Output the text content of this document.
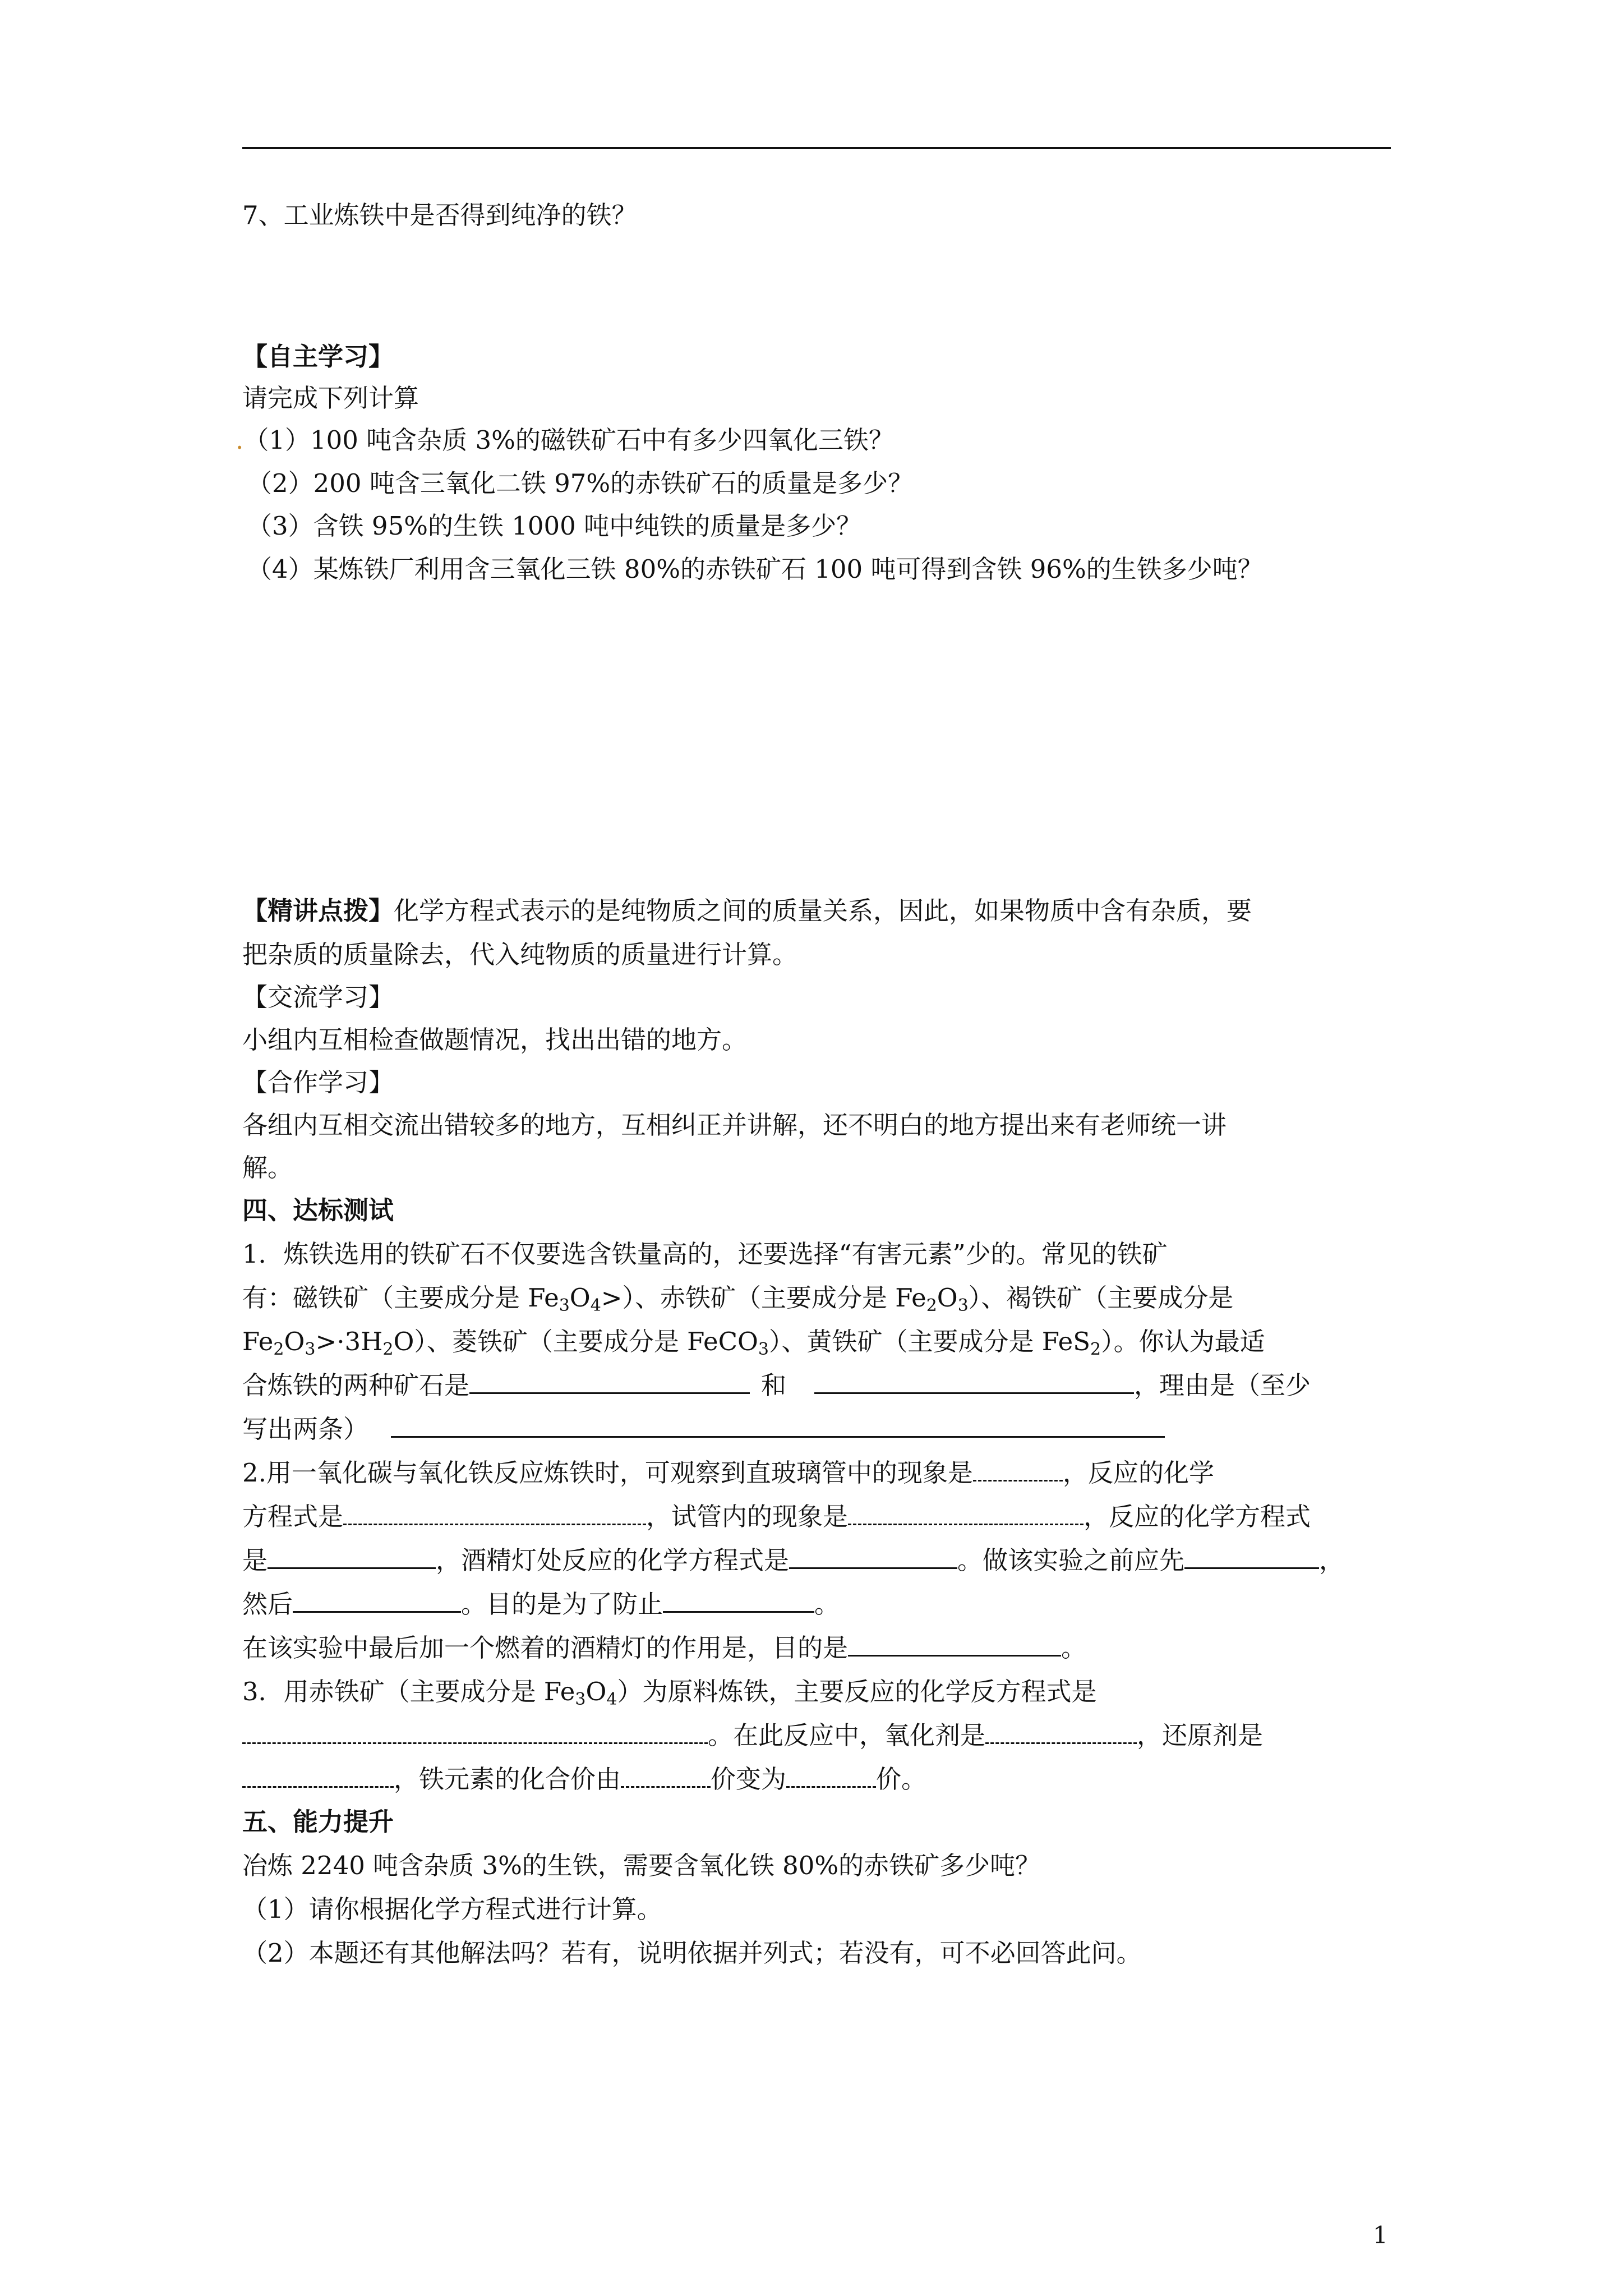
7、工业炼铁中是否得到纯净的铁？
【自主学习】
请完成下列计算
.（1）100 吨含杂质 3%的磁铁矿石中有多少四氧化三铁？
（2）200 吨含三氧化二铁 97%的赤铁矿石的质量是多少？
（3）含铁 95%的生铁 1000 吨中纯铁的质量是多少？
（4）某炼铁厂利用含三氧化三铁 80%的赤铁矿石 100 吨可得到含铁 96%的生铁多少吨？
【精讲点拨】化学方程式表示的是纯物质之间的质量关系，因此，如果物质中含有杂质，要
把杂质的质量除去，代入纯物质的质量进行计算。
【交流学习】
小组内互相检查做题情况，找出出错的地方。
【合作学习】
各组内互相交流出错较多的地方，互相纠正并讲解，还不明白的地方提出来有老师统一讲
解。
四、达标测试
1．炼铁选用的铁矿石不仅要选含铁量高的，还要选择“有害元素”少的。常见的铁矿
有：磁铁矿（主要成分是 $Fe_3O_4>$）、赤铁矿（主要成分是 $Fe_2O_3$）、褐铁矿（主要成分是
$Fe_2O_3>\cdot 3H_2O$）、菱铁矿（主要成分是 FeCO$_3$）、黄铁矿（主要成分是 FeS$_2$）。你认为最适
合炼铁的两种矿石是	和	，理由是（至少
写出两条）
2.用一氧化碳与氧化铁反应炼铁时，可观察到直玻璃管中的现象是	，反应的化学
方程式是	，试管内的现象是	，反应的化学方程式
是	，酒精灯处反应的化学方程式是	。做该实验之前应先	，
然后	。目的是为了防止	。
在该实验中最后加一个燃着的酒精灯的作用是，目的是	。
3．用赤铁矿（主要成分是 $Fe_3O_4$）为原料炼铁，主要反应的化学反方程式是
。在此反应中，氧化剂是	，还原剂是
，铁元素的化合价由	价变为	价。
五、能力提升
冶炼 2240 吨含杂质 3%的生铁，需要含氧化铁 80%的赤铁矿多少吨？
（1）请你根据化学方程式进行计算。
（2）本题还有其他解法吗？若有，说明依据并列式；若没有，可不必回答此问。
1
